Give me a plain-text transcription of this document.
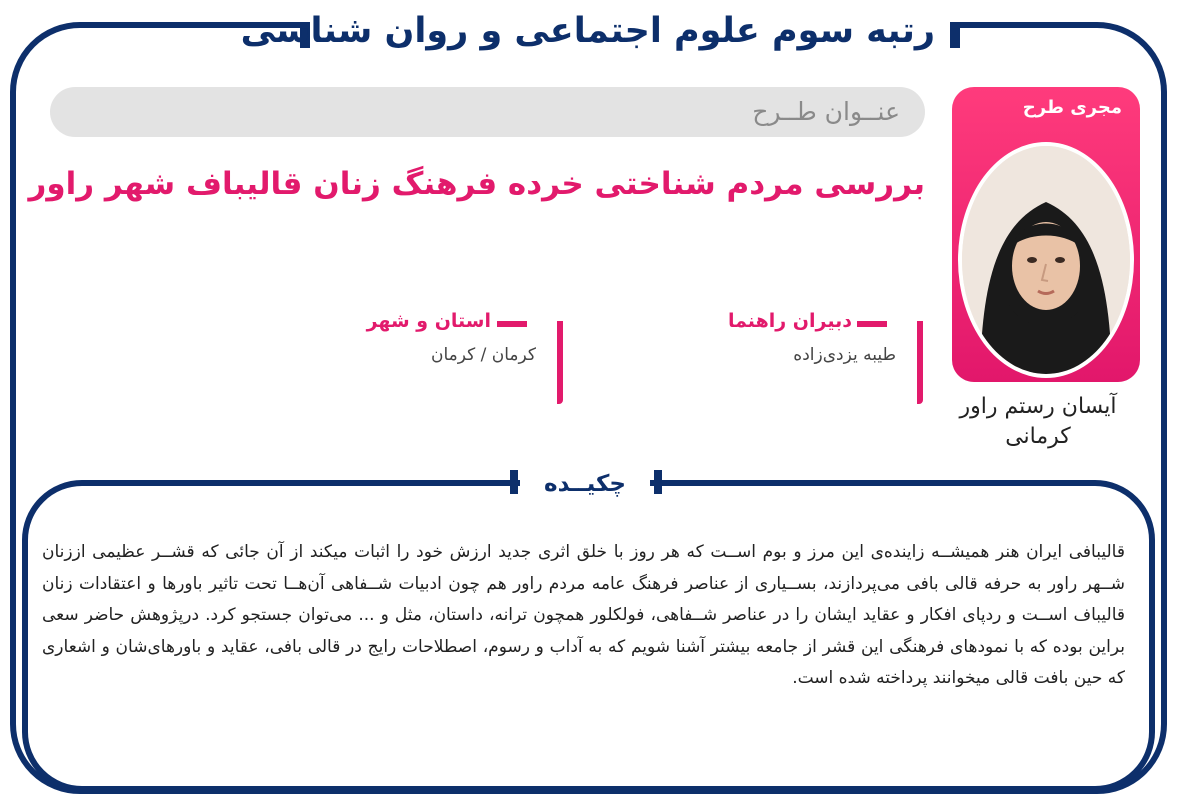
رتبه سوم علوم اجتماعی و روان شناسی
عنــوان طــرح
بررسی مردم شناختی خرده فرهنگ زنان قالیباف شهر راور
مجری طرح
آیسان رستم راور کرمانی
دبیران راهنما
طیبه یزدی‌زاده
استان و شهر
کرمان / کرمان
چکیــده
قالیبافی ایران هنر همیشــه زاینده‌ی این مرز و بوم اســت که هر روز با خلق اثری جدید ارزش خود را اثبات میکند از آن جائی که قشــر عظیمی اززنان شــهر راور به حرفه قالی بافی می‌پردازند، بســیاری از عناصر فرهنگ عامه مردم راور هم چون ادبیات شــفاهی آن‌هــا تحت تاثیر باورها و اعتقادات زنان قالیباف اســت و ردپای افکار و عقاید ایشان را در عناصر شــفاهی، فولکلور همچون ترانه، داستان، مثل و ... می‌توان جستجو کرد. درپژوهش حاضر سعی براین بوده که با نمودهای فرهنگی این قشر از جامعه بیشتر آشنا شویم که به آداب و رسوم، اصطلاحات رایج در قالی بافی، عقاید و باورهای‌شان و اشعاری که حین بافت قالی میخوانند پرداخته شده است.
